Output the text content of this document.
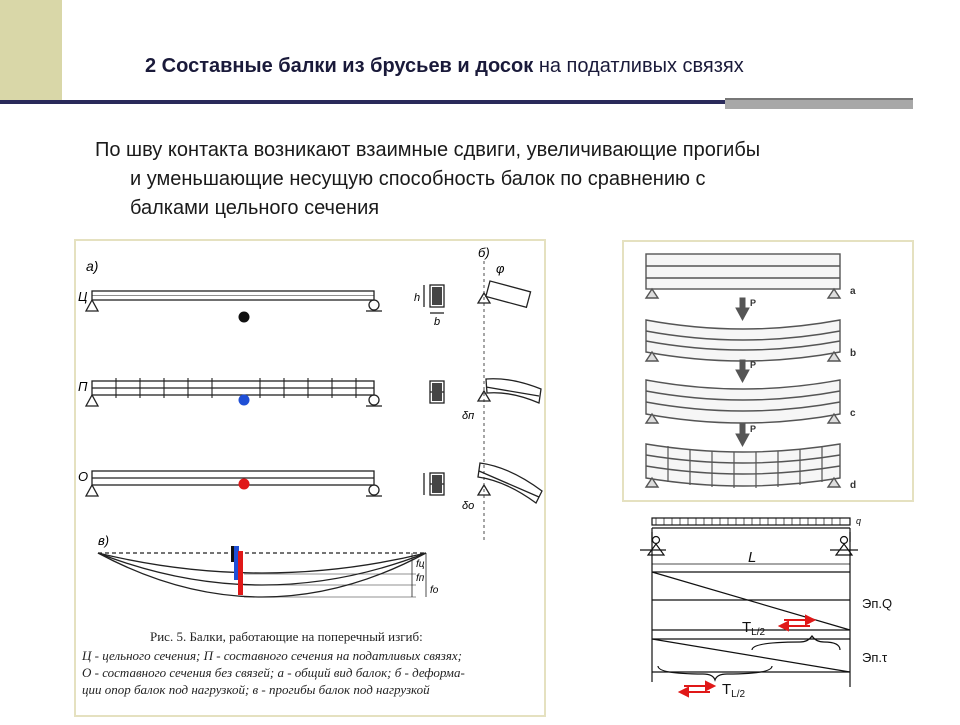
2 Составные балки из брусьев и досок на податливых связях
По шву контакта возникают взаимные сдвиги, увеличивающие прогибы

и уменьшающие несущую способность балок по сравнению с
балками цельного сечения
а)
Ц
П
О
б)
φ
h
b
δп
δо
в)
fц
fп
fо
Рис. 5. Балки, работающие на поперечный изгиб:
Ц - цельного сечения; П - составного сечения на податливых связях;
О - составного сечения без связей; а - общий вид балок; б - деформа-
ции опор балок под нагрузкой; в - прогибы балок под нагрузкой
P
P
P
a
b
c
d
q
L
Эп.Q
Эп.τ
$T_{L/2}$
$T_{L/2}$
